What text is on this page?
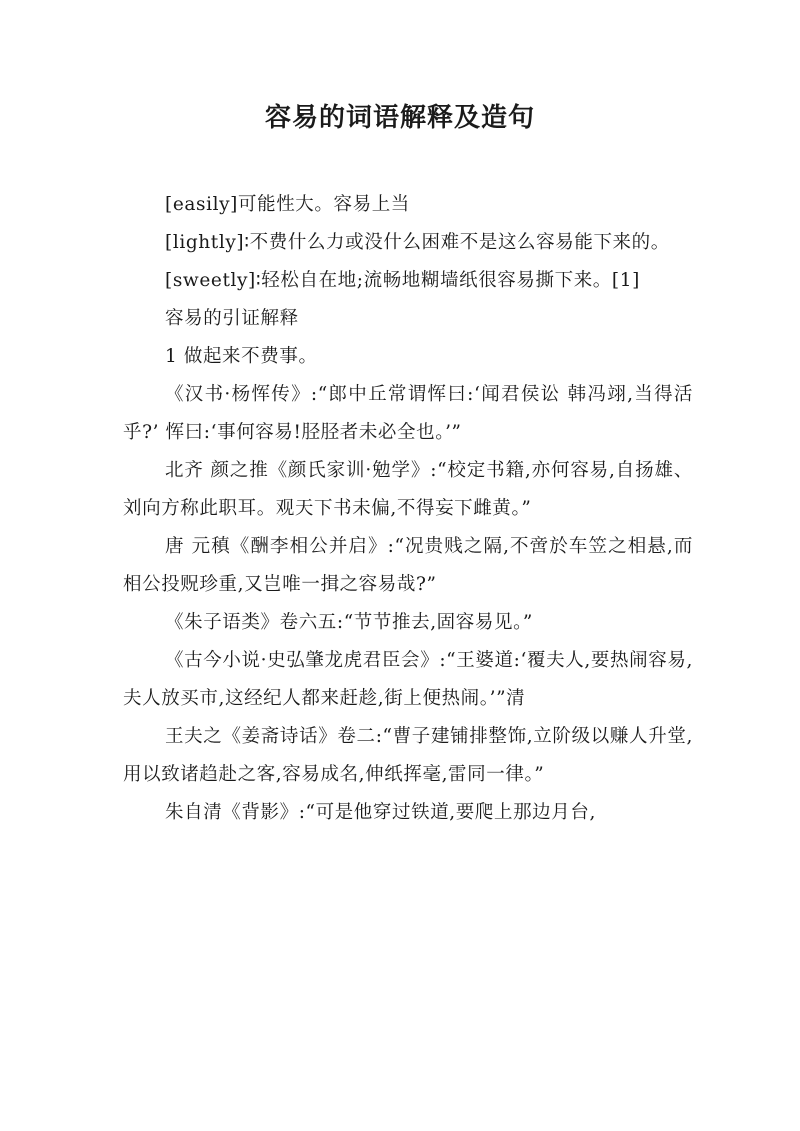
容易的词语解释及造句

[easily]可能性大。容易上当

[lightly]∶不费什么力或没什么困难不是这么容易能下来的。

[sweetly]∶轻松自在地;流畅地糊墙纸很容易撕下来。[1]

容易的引证解释

1 做起来不费事。

《汉书·杨恽传》:“郎中丘常谓恽曰:‘闻君侯讼 韩冯翊,当得活乎?’ 恽曰:‘事何容易!胫胫者未必全也。’”

北齐 颜之推《颜氏家训·勉学》:“校定书籍,亦何容易,自扬雄、 刘向方称此职耳。观天下书未偏,不得妄下雌黄。”

唐 元稹《酬李相公并启》:“况贵贱之隔,不啻於车笠之相悬,而相公投贶珍重,又岂唯一揖之容易哉?”

《朱子语类》卷六五:“节节推去,固容易见。”

《古今小说·史弘肇龙虎君臣会》:“王婆道:‘覆夫人,要热闹容易,夫人放买市,这经纪人都来赶趁,街上便热闹。’”清

王夫之《姜斋诗话》卷二:“曹子建铺排整饰,立阶级以赚人升堂,用以致诸趋赴之客,容易成名,伸纸挥毫,雷同一律。”

朱自清《背影》:“可是他穿过铁道,要爬上那边月台,
